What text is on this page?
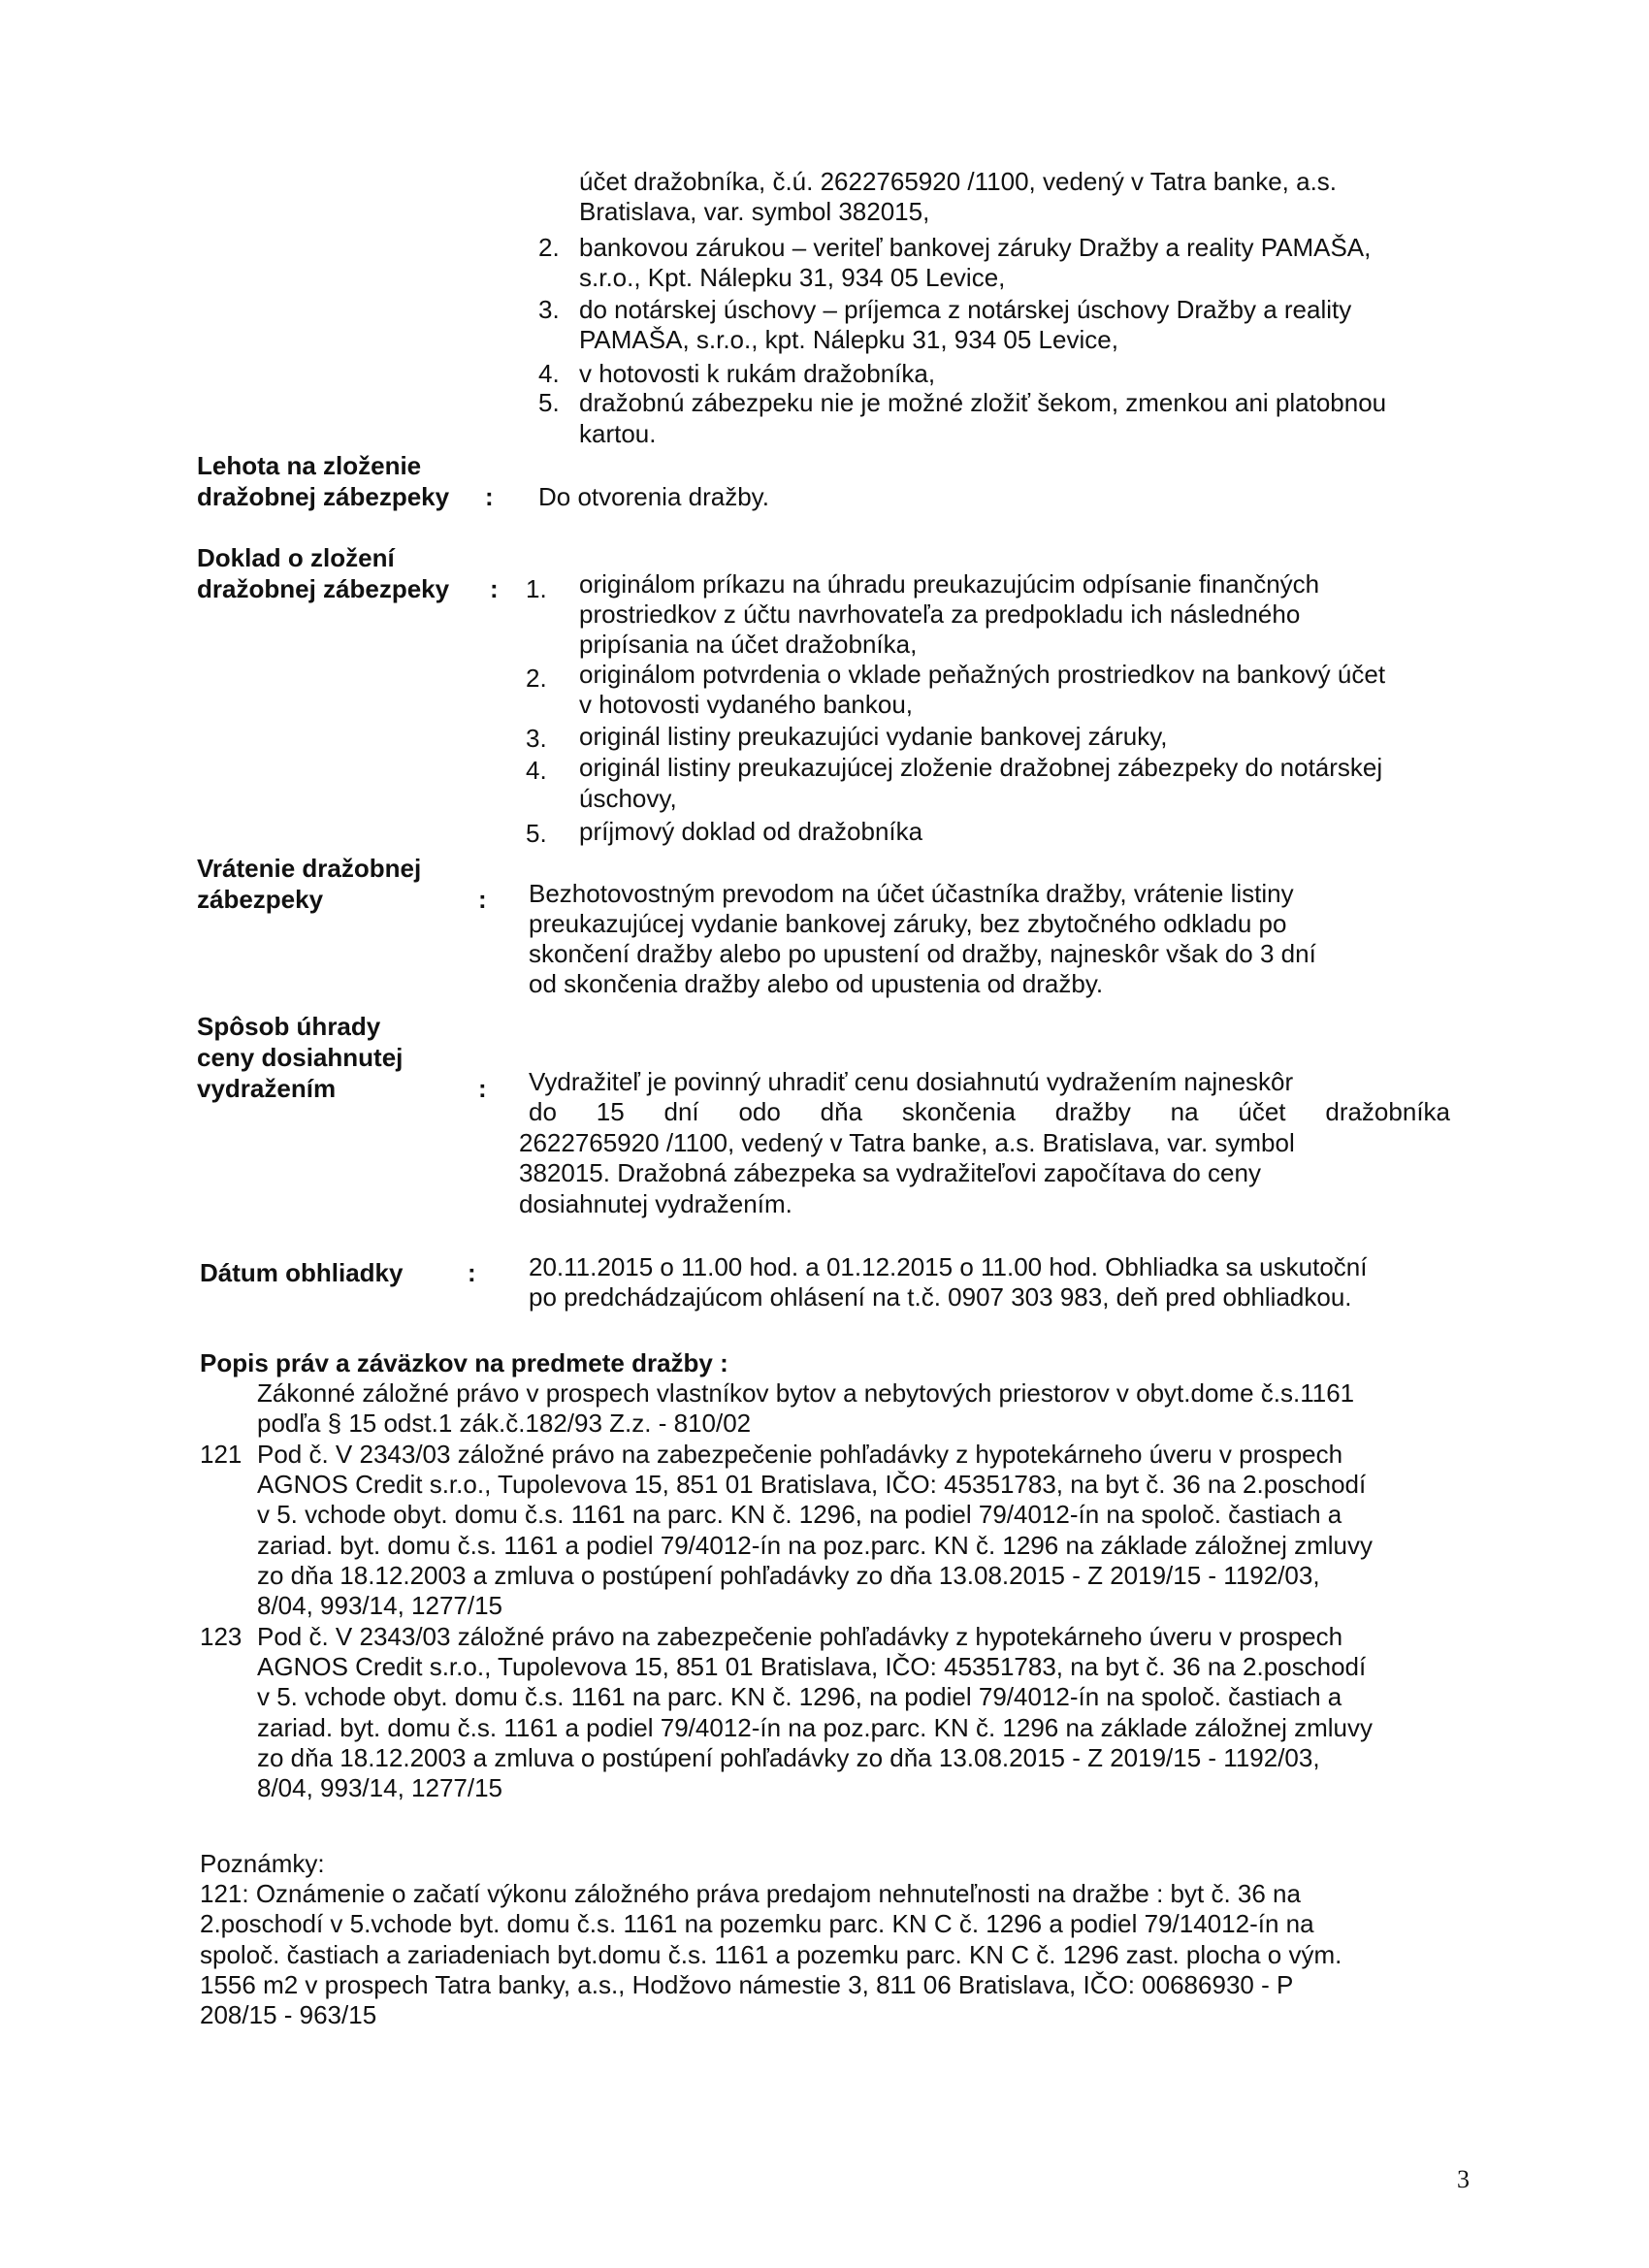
účet dražobníka, č.ú. 2622765920 /1100, vedený v Tatra banke, a.s.
Bratislava, var. symbol 382015,
2. bankovou zárukou – veriteľ bankovej záruky Dražby a reality PAMAŠA,
s.r.o., Kpt. Nálepku 31, 934 05 Levice,
3. do notárskej úschovy – príjemca z notárskej úschovy Dražby a reality
PAMAŠA, s.r.o., kpt. Nálepku 31, 934 05 Levice,
4. v hotovosti k rukám dražobníka,
5. dražobnú zábezpeku nie je možné zložiť šekom, zmenkou ani platobnou
kartou.
Lehota na zloženie
dražobnej zábezpeky : Do otvorenia dražby.
Doklad o zložení
dražobnej zábezpeky : 1.	originálom príkazu na úhradu preukazujúcim odpísanie finančných
prostriedkov z účtu navrhovateľa za predpokladu ich následného
pripísania na účet dražobníka,
2.	originálom potvrdenia o vklade peňažných prostriedkov na bankový účet
v hotovosti vydaného bankou,
3.	originál listiny preukazujúci vydanie bankovej záruky,
4.	originál listiny preukazujúcej zloženie dražobnej zábezpeky do notárskej
úschovy,
5.	príjmový doklad od dražobníka
Vrátenie dražobnej
zábezpeky	: Bezhotovostným prevodom na účet účastníka dražby, vrátenie listiny
preukazujúcej vydanie bankovej záruky, bez zbytočného odkladu po
skončení dražby alebo po upustení od dražby, najneskôr však do 3 dní
od skončenia dražby alebo od upustenia od dražby.
Spôsob úhrady
ceny dosiahnutej
vydražením	: Vydražiteľ je povinný uhradiť cenu dosiahnutú vydražením najneskôr
do 15 dní odo dňa skončenia dražby na účet dražobníka
2622765920 /1100, vedený v Tatra banke, a.s. Bratislava, var. symbol
382015. Dražobná zábezpeka sa vydražiteľovi započítava do ceny
dosiahnutej vydražením.
Dátum obhliadky	: 20.11.2015 o 11.00 hod. a 01.12.2015 o 11.00 hod. Obhliadka sa uskutoční
po predchádzajúcom ohlásení na t.č. 0907 303 983, deň pred obhliadkou.
Popis práv a záväzkov na predmete dražby :
Zákonné záložné právo v prospech vlastníkov bytov a nebytových priestorov v obyt.dome č.s.1161
podľa § 15 odst.1 zák.č.182/93 Z.z. - 810/02
121 Pod č. V 2343/03 záložné právo na zabezpečenie pohľadávky z hypotekárneho úveru v prospech
AGNOS Credit s.r.o., Tupolevova 15, 851 01 Bratislava, IČO: 45351783, na byt č. 36 na 2.poschodí
v 5. vchode obyt. domu č.s. 1161 na parc. KN č. 1296, na podiel 79/4012-ín na spoloč. častiach a
zariad. byt. domu č.s. 1161 a podiel 79/4012-ín na poz.parc. KN č. 1296 na základe záložnej zmluvy
zo dňa 18.12.2003 a zmluva o postúpení pohľadávky zo dňa 13.08.2015 - Z 2019/15 - 1192/03,
8/04, 993/14, 1277/15
123 Pod č. V 2343/03 záložné právo na zabezpečenie pohľadávky z hypotekárneho úveru v prospech
AGNOS Credit s.r.o., Tupolevova 15, 851 01 Bratislava, IČO: 45351783, na byt č. 36 na 2.poschodí
v 5. vchode obyt. domu č.s. 1161 na parc. KN č. 1296, na podiel 79/4012-ín na spoloč. častiach a
zariad. byt. domu č.s. 1161 a podiel 79/4012-ín na poz.parc. KN č. 1296 na základe záložnej zmluvy
zo dňa 18.12.2003 a zmluva o postúpení pohľadávky zo dňa 13.08.2015 - Z 2019/15 - 1192/03,
8/04, 993/14, 1277/15
Poznámky:
121: Oznámenie o začatí výkonu záložného práva predajom nehnuteľnosti na dražbe : byt č. 36 na
2.poschodí v 5.vchode byt. domu č.s. 1161 na pozemku parc. KN C č. 1296 a podiel 79/14012-ín na
spoloč. častiach a zariadeniach byt.domu č.s. 1161 a pozemku parc. KN C č. 1296 zast. plocha o vým.
1556 m2 v prospech Tatra banky, a.s., Hodžovo námestie 3, 811 06 Bratislava, IČO: 00686930 - P
208/15 - 963/15
3
